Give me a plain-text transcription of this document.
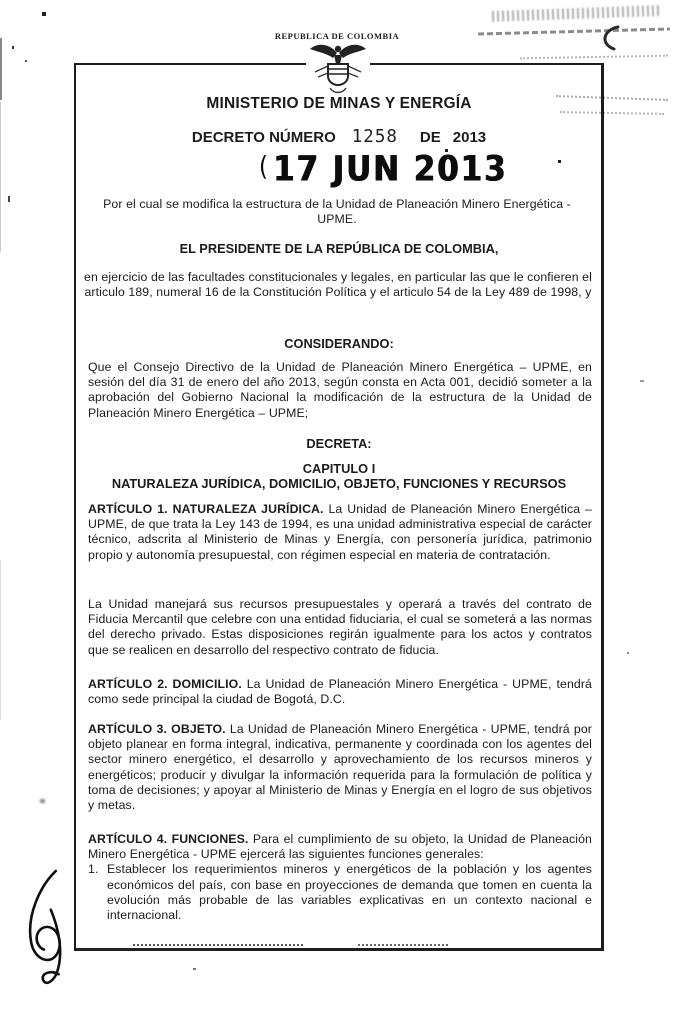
REPUBLICA DE COLOMBIA
MINISTERIO DE MINAS Y ENERGÍA
DECRETO NÚMERO 1258 DE 2013
( 17 JUN 2013

Por el cual se modifica la estructura de la Unidad de Planeación Minero Energética - UPME.

EL PRESIDENTE DE LA REPÚBLICA DE COLOMBIA,

en ejercicio de las facultades constitucionales y legales, en particular las que le confieren el articulo 189, numeral 16 de la Constitución Política y el articulo 54 de la Ley 489 de 1998, y

CONSIDERANDO:

Que el Consejo Directivo de la Unidad de Planeación Minero Energética – UPME, en sesión del día 31 de enero del año 2013, según consta en Acta 001, decidió someter a la aprobación del Gobierno Nacional la modificación de la estructura de la Unidad de Planeación Minero Energética – UPME;

DECRETA:

CAPITULO I

NATURALEZA JURÍDICA, DOMICILIO, OBJETO, FUNCIONES Y RECURSOS

ARTÍCULO 1. NATURALEZA JURÍDICA. La Unidad de Planeación Minero Energética – UPME, de que trata la Ley 143 de 1994, es una unidad administrativa especial de carácter técnico, adscrita al Ministerio de Minas y Energía, con personería jurídica, patrimonio propio y autonomía presupuestal, con régimen especial en materia de contratación.

La Unidad manejará sus recursos presupuestales y operará a través del contrato de Fiducia Mercantil que celebre con una entidad fiduciaria, el cual se someterá a las normas del derecho privado. Estas disposiciones regirán igualmente para los actos y contratos que se realicen en desarrollo del respectivo contrato de fiducia.

ARTÍCULO 2. DOMICILIO. La Unidad de Planeación Minero Energética - UPME, tendrá como sede principal la ciudad de Bogotá, D.C.

ARTÍCULO 3. OBJETO. La Unidad de Planeación Minero Energética - UPME, tendrá por objeto planear en forma integral, indicativa, permanente y coordinada con los agentes del sector minero energético, el desarrollo y aprovechamiento de los recursos mineros y energéticos; producir y divulgar la información requerida para la formulación de política y toma de decisiones; y apoyar al Ministerio de Minas y Energía en el logro de sus objetivos y metas.

ARTÍCULO 4. FUNCIONES. Para el cumplimiento de su objeto, la Unidad de Planeación Minero Energética - UPME ejercerá las siguientes funciones generales:

1. Establecer los requerimientos mineros y energéticos de la población y los agentes económicos del país, con base en proyecciones de demanda que tomen en cuenta la evolución más probable de las variables explicativas en un contexto nacional e internacional.
